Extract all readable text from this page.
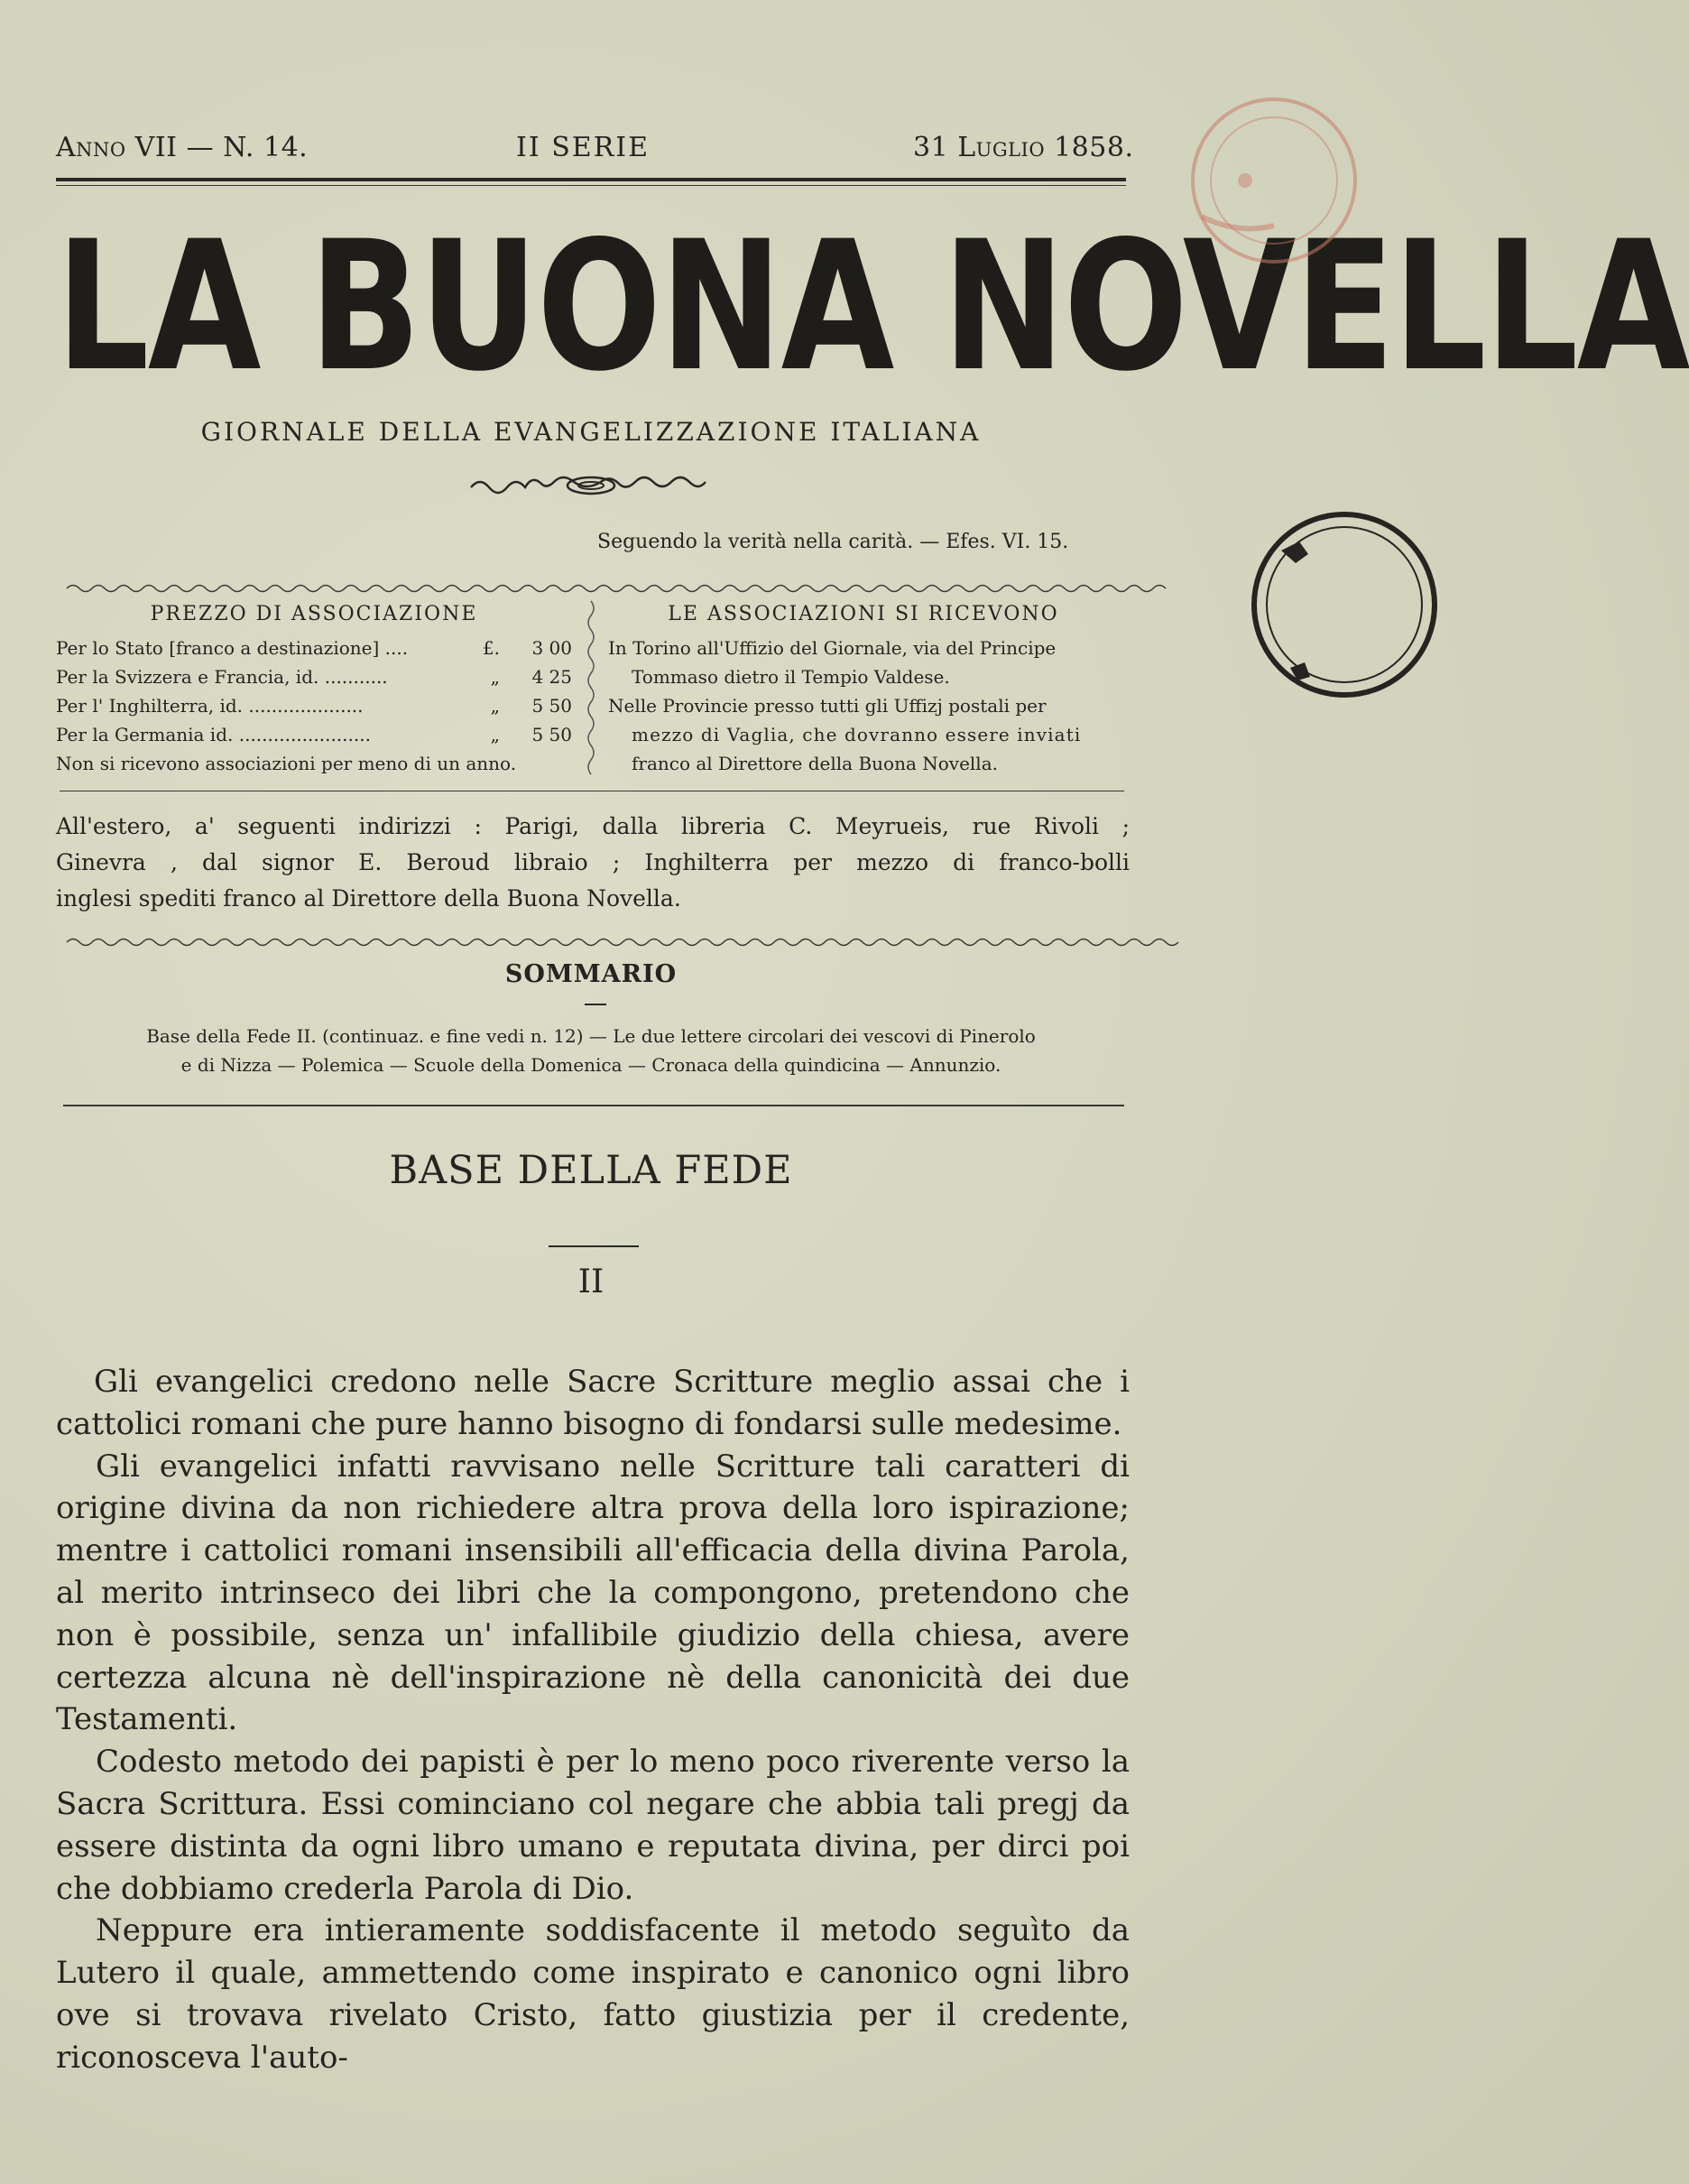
Anno VII — N. 14.	II SERIE	31 Luglio 1858.
LA BUONA NOVELLA
GIORNALE DELLA EVANGELIZZAZIONE ITALIANA
Seguendo la verità nella carità. — Efes. VI. 15.
PREZZO DI ASSOCIAZIONE	LE ASSOCIAZIONI SI RICEVONO
Per lo Stato [franco a destinazione] ....	£.	3 00
Per la Svizzera e Francia, id. ...........	„	4 25
Per l' Inghilterra, id. ....................	„	5 50
Per la Germania id. .......................	„	5 50
Non si ricevono associazioni per meno di un anno.
In Torino all'Uffizio del Giornale, via del Principe
Tommaso dietro il Tempio Valdese.
Nelle Provincie presso tutti gli Uffizj postali per
mezzo di Vaglia, che dovranno essere inviati
franco al Direttore della Buona Novella.
All'estero, a' seguenti indirizzi : Parigi, dalla libreria C. Meyrueis, rue Rivoli ;
Ginevra , dal signor E. Beroud libraio ; Inghilterra per mezzo di franco-bolli
inglesi spediti franco al Direttore della Buona Novella.
SOMMARIO
Base della Fede II. (continuaz. e fine vedi n. 12) — Le due lettere circolari dei vescovi di Pinerolo
e di Nizza — Polemica — Scuole della Domenica — Cronaca della quindicina — Annunzio.
BASE DELLA FEDE
II

Gli evangelici credono nelle Sacre Scritture meglio assai che i cattolici romani che pure hanno bisogno di fondarsi sulle medesime.

Gli evangelici infatti ravvisano nelle Scritture tali caratteri di origine divina da non richiedere altra prova della loro ispirazione; mentre i cattolici romani insensibili all'efficacia della divina Parola, al merito intrinseco dei libri che la compongono, pretendono che non è possibile, senza un' infallibile giudizio della chiesa, avere certezza alcuna nè dell'inspirazione nè della canonicità dei due Testamenti.

Codesto metodo dei papisti è per lo meno poco riverente verso la Sacra Scrittura. Essi cominciano col negare che abbia tali pregj da essere distinta da ogni libro umano e reputata divina, per dirci poi che dobbiamo crederla Parola di Dio.

Neppure era intieramente soddisfacente il metodo seguìto da Lutero il quale, ammettendo come inspirato e canonico ogni libro ove si trovava rivelato Cristo, fatto giustizia per il credente, riconosceva l'auto-
